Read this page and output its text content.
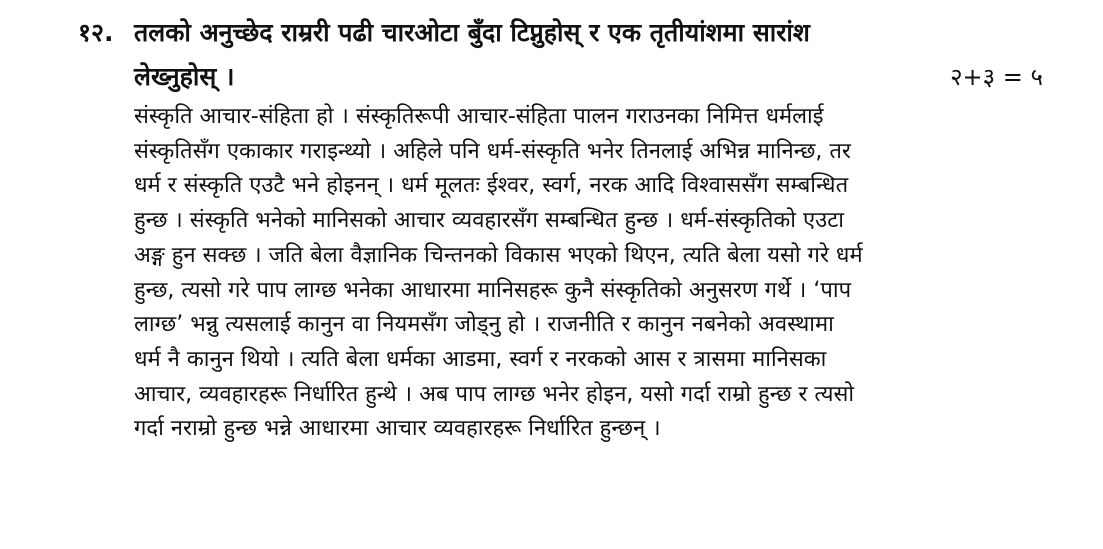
१२. तलको अनुच्छेद राम्ररी पढी चारओटा बुँदा टिप्नुहोस् र एक तृतीयांशमा सारांश
लेख्नुहोस् ।	२+३ = ५
संस्कृति आचार-संहिता हो । संस्कृतिरूपी आचार-संहिता पालन गराउनका निमित्त धर्मलाई
संस्कृतिसँग एकाकार गराइन्थ्यो । अहिले पनि धर्म-संस्कृति भनेर तिनलाई अभिन्न मानिन्छ, तर
धर्म र संस्कृति एउटै भने होइनन् । धर्म मूलतः ईश्वर, स्वर्ग, नरक आदि विश्वाससँग सम्बन्धित
हुन्छ । संस्कृति भनेको मानिसको आचार व्यवहारसँग सम्बन्धित हुन्छ । धर्म-संस्कृतिको एउटा
अङ्ग हुन सक्छ । जति बेला वैज्ञानिक चिन्तनको विकास भएको थिएन, त्यति बेला यसो गरे धर्म
हुन्छ, त्यसो गरे पाप लाग्छ भनेका आधारमा मानिसहरू कुनै संस्कृतिको अनुसरण गर्थे । ‘पाप
लाग्छ’ भन्नु त्यसलाई कानुन वा नियमसँग जोड्नु हो । राजनीति र कानुन नबनेको अवस्थामा
धर्म नै कानुन थियो । त्यति बेला धर्मका आडमा, स्वर्ग र नरकको आस र त्रासमा मानिसका
आचार, व्यवहारहरू निर्धारित हुन्थे । अब पाप लाग्छ भनेर होइन, यसो गर्दा राम्रो हुन्छ र त्यसो
गर्दा नराम्रो हुन्छ भन्ने आधारमा आचार व्यवहारहरू निर्धारित हुन्छन् ।
